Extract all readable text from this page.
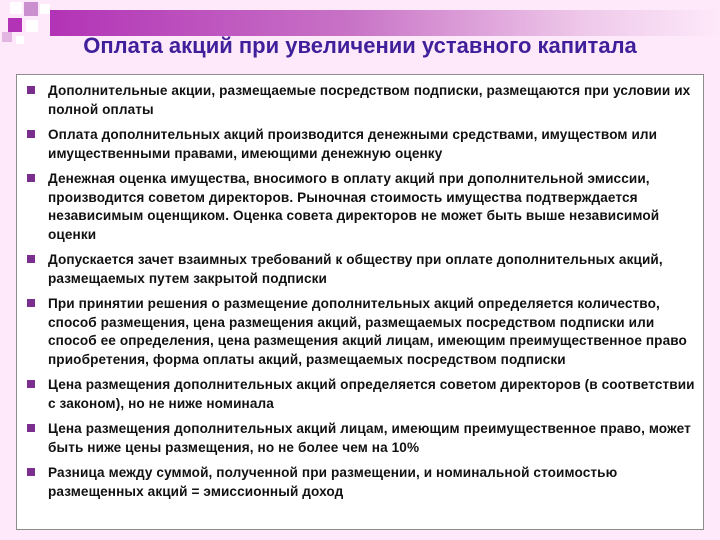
Оплата акций при увеличении уставного капитала
Дополнительные акции, размещаемые посредством подписки, размещаются при условии их полной оплаты
Оплата дополнительных акций производится денежными средствами, имуществом или имущественными правами, имеющими денежную оценку
Денежная оценка имущества, вносимого в оплату акций при дополнительной эмиссии, производится советом директоров. Рыночная стоимость имущества подтверждается независимым оценщиком. Оценка совета директоров не может быть выше независимой оценки
Допускается зачет взаимных требований к обществу при оплате дополнительных акций, размещаемых путем закрытой подписки
При принятии решения о размещение дополнительных акций определяется количество, способ размещения, цена размещения акций, размещаемых посредством подписки или способ ее определения, цена размещения акций лицам, имеющим преимущественное право приобретения, форма оплаты акций, размещаемых посредством подписки
Цена размещения дополнительных акций определяется советом директоров (в соответствии с законом), но не ниже номинала
Цена размещения дополнительных акций лицам, имеющим преимущественное право, может быть ниже цены размещения, но не более чем на 10%
Разница между суммой, полученной при размещении, и номинальной стоимостью размещенных акций = эмиссионный доход
